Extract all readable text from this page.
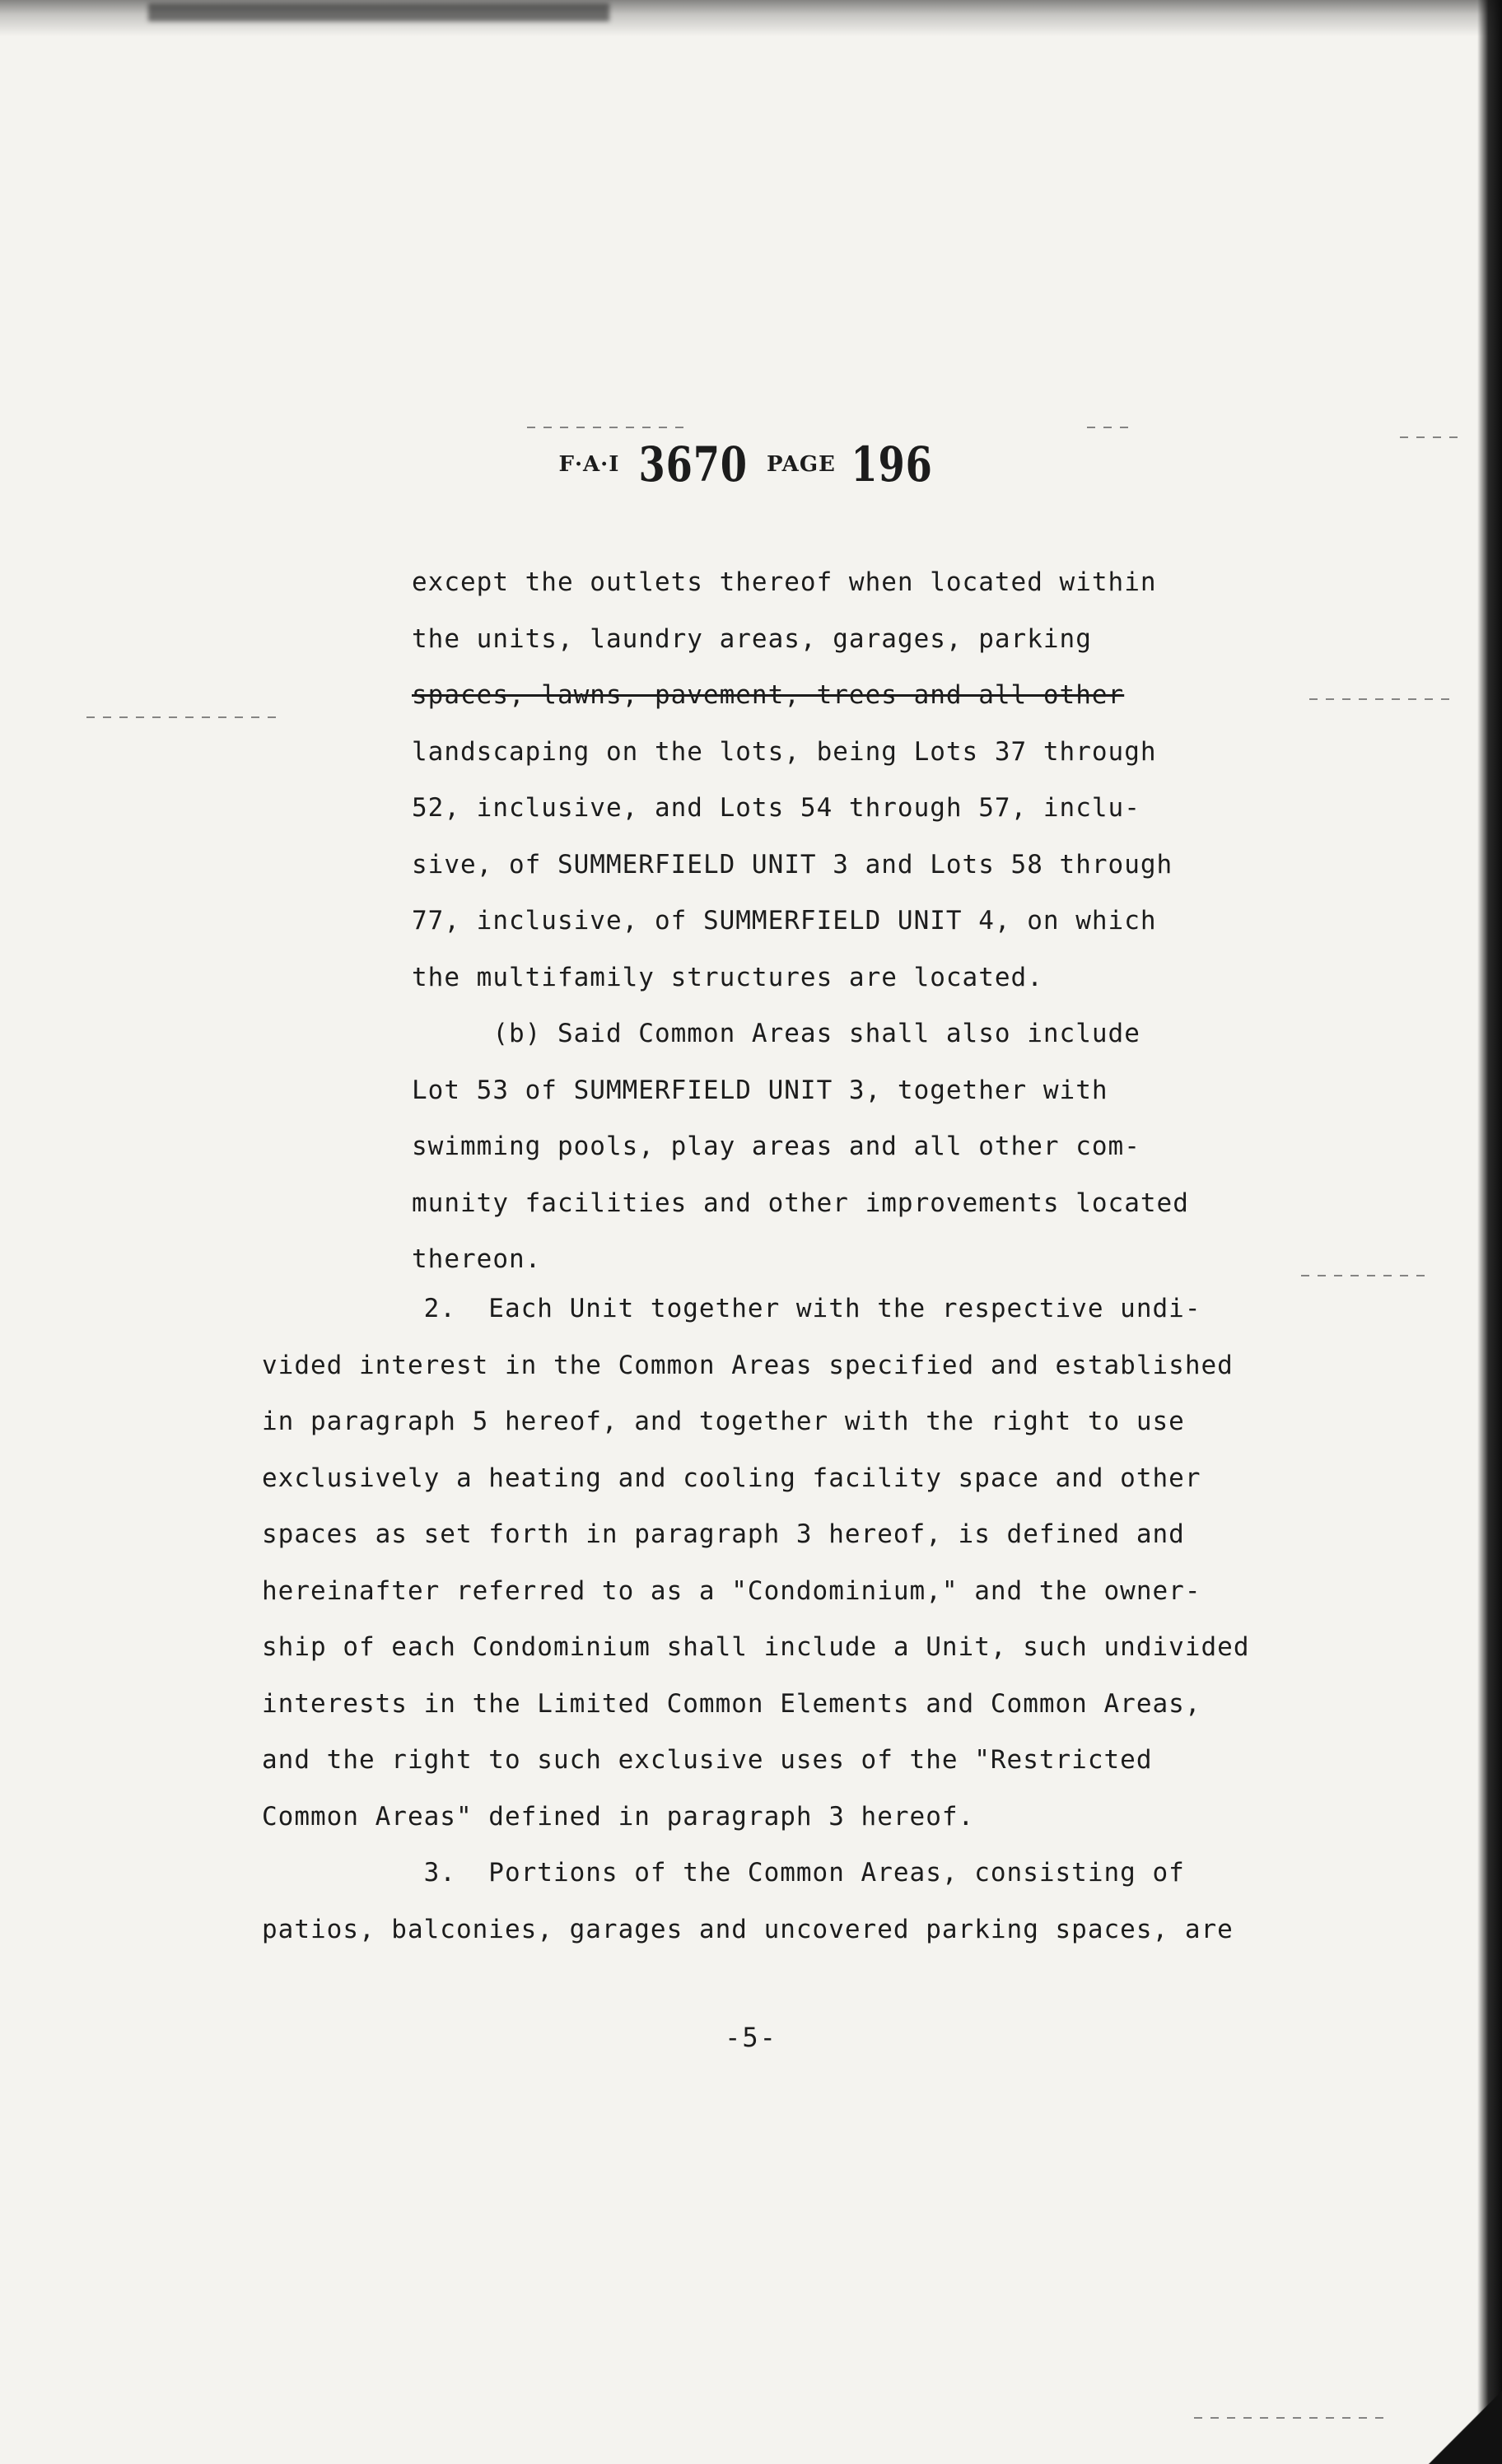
F·A·I 3670 PAGE 196
except the outlets thereof when located within
the units, laundry areas, garages, parking
spaces, lawns, pavement, trees and all other
landscaping on the lots, being Lots 37 through
52, inclusive, and Lots 54 through 57, inclu-
sive, of SUMMERFIELD UNIT 3 and Lots 58 through
77, inclusive, of SUMMERFIELD UNIT 4, on which
the multifamily structures are located.
(b) Said Common Areas shall also include
Lot 53 of SUMMERFIELD UNIT 3, together with
swimming pools, play areas and all other com-
munity facilities and other improvements located
thereon.
2.  Each Unit together with the respective undi-
vided interest in the Common Areas specified and established
in paragraph 5 hereof, and together with the right to use
exclusively a heating and cooling facility space and other
spaces as set forth in paragraph 3 hereof, is defined and
hereinafter referred to as a "Condominium," and the owner-
ship of each Condominium shall include a Unit, such undivided
interests in the Limited Common Elements and Common Areas,
and the right to such exclusive uses of the "Restricted
Common Areas" defined in paragraph 3 hereof.
3.  Portions of the Common Areas, consisting of
patios, balconies, garages and uncovered parking spaces, are
-5-
